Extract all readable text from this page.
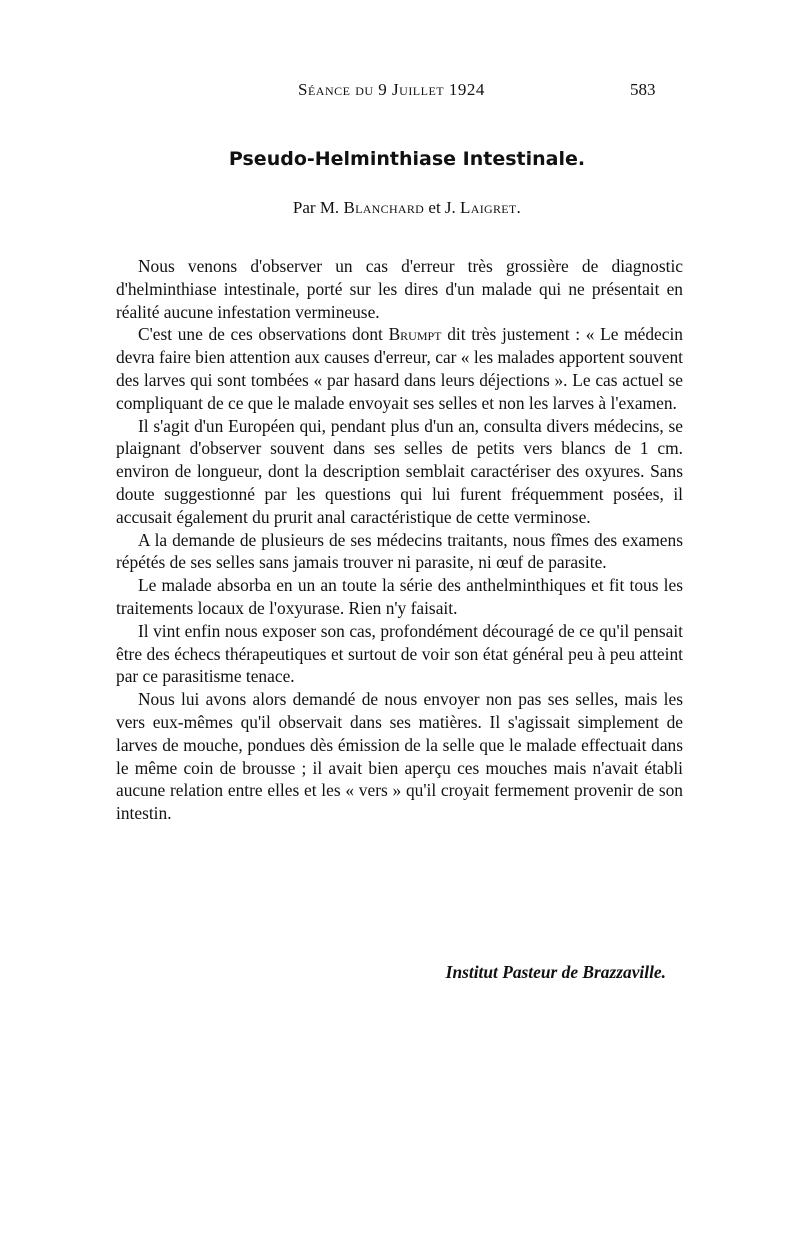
Séance du 9 Juillet 1924	583
Pseudo-Helminthiase Intestinale.
Par M. Blanchard et J. Laigret.

Nous venons d'observer un cas d'erreur très grossière de diagnostic d'helminthiase intestinale, porté sur les dires d'un malade qui ne présentait en réalité aucune infestation vermineuse.

C'est une de ces observations dont Brumpt dit très justement : « Le médecin devra faire bien attention aux causes d'erreur, car « les malades apportent souvent des larves qui sont tombées « par hasard dans leurs déjections ». Le cas actuel se compliquant de ce que le malade envoyait ses selles et non les larves à l'examen.

Il s'agit d'un Européen qui, pendant plus d'un an, consulta divers médecins, se plaignant d'observer souvent dans ses selles de petits vers blancs de 1 cm. environ de longueur, dont la description semblait caractériser des oxyures. Sans doute suggestionné par les questions qui lui furent fréquemment posées, il accusait également du prurit anal caractéristique de cette verminose.

A la demande de plusieurs de ses médecins traitants, nous fîmes des examens répétés de ses selles sans jamais trouver ni parasite, ni œuf de parasite.

Le malade absorba en un an toute la série des anthelminthiques et fit tous les traitements locaux de l'oxyurase. Rien n'y faisait.

Il vint enfin nous exposer son cas, profondément découragé de ce qu'il pensait être des échecs thérapeutiques et surtout de voir son état général peu à peu atteint par ce parasitisme tenace.

Nous lui avons alors demandé de nous envoyer non pas ses selles, mais les vers eux-mêmes qu'il observait dans ses matières. Il s'agissait simplement de larves de mouche, pondues dès émission de la selle que le malade effectuait dans le même coin de brousse ; il avait bien aperçu ces mouches mais n'avait établi aucune relation entre elles et les « vers » qu'il croyait fermement provenir de son intestin.

Institut Pasteur de Brazzaville.
